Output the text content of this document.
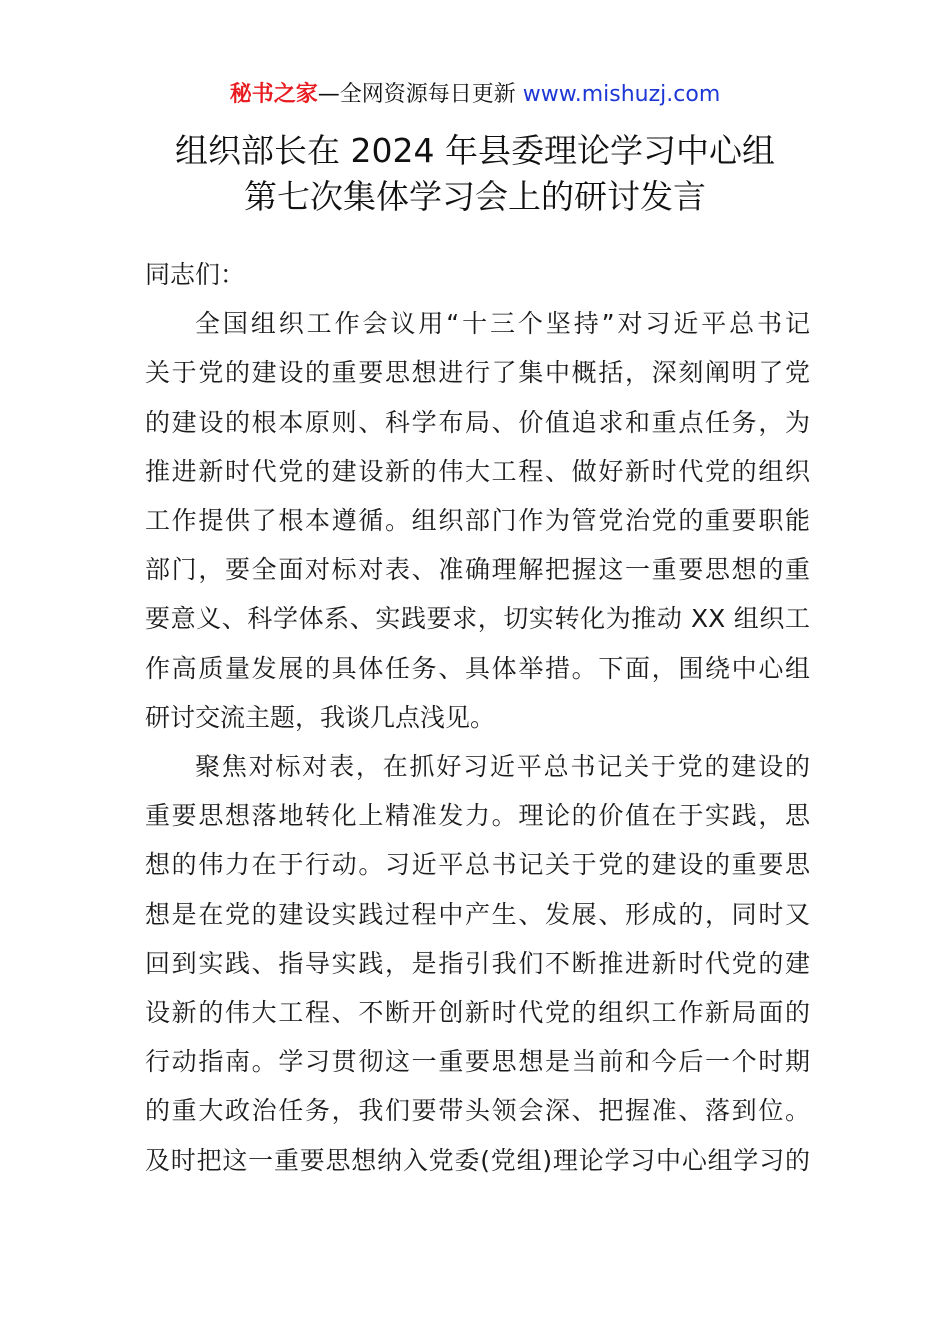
秘书之家—全网资源每日更新 www.mishuzj.com
组织部长在 2024 年县委理论学习中心组
第七次集体学习会上的研讨发言

同志们：

全国组织工作会议用“十三个坚持”对习近平总书记
关于党的建设的重要思想进行了集中概括，深刻阐明了党
的建设的根本原则、科学布局、价值追求和重点任务，为
推进新时代党的建设新的伟大工程、做好新时代党的组织
工作提供了根本遵循。组织部门作为管党治党的重要职能
部门，要全面对标对表、准确理解把握这一重要思想的重
要意义、科学体系、实践要求，切实转化为推动 XX 组织工
作高质量发展的具体任务、具体举措。下面，围绕中心组
研讨交流主题，我谈几点浅见。
聚焦对标对表，在抓好习近平总书记关于党的建设的
重要思想落地转化上精准发力。理论的价值在于实践，思
想的伟力在于行动。习近平总书记关于党的建设的重要思
想是在党的建设实践过程中产生、发展、形成的，同时又
回到实践、指导实践，是指引我们不断推进新时代党的建
设新的伟大工程、不断开创新时代党的组织工作新局面的
行动指南。学习贯彻这一重要思想是当前和今后一个时期
的重大政治任务，我们要带头领会深、把握准、落到位。
及时把这一重要思想纳入党委(党组)理论学习中心组学习的
